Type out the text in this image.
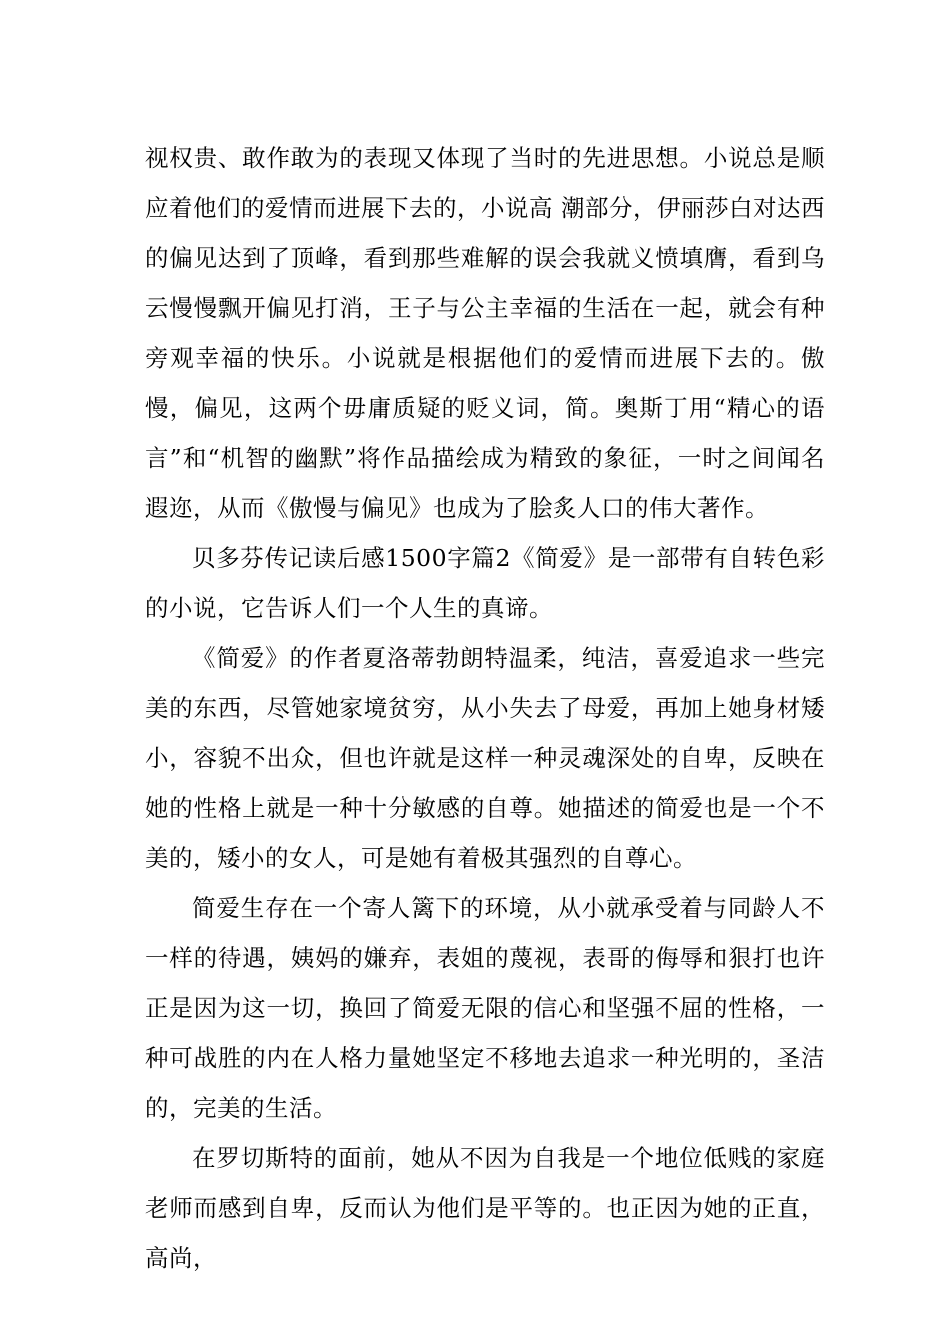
视权贵、敢作敢为的表现又体现了当时的先进思想。小说总是顺应着他们的爱情而进展下去的，小说高 潮部分，伊丽莎白对达西的偏见达到了顶峰，看到那些难解的误会我就义愤填膺，看到乌云慢慢飘开偏见打消，王子与公主幸福的生活在一起，就会有种旁观幸福的快乐。小说就是根据他们的爱情而进展下去的。傲慢，偏见，这两个毋庸质疑的贬义词，简。奥斯丁用“精心的语言”和“机智的幽默”将作品描绘成为精致的象征，一时之间闻名遐迩，从而《傲慢与偏见》也成为了脍炙人口的伟大著作。

贝多芬传记读后感1500字篇2《简爱》是一部带有自转色彩的小说，它告诉人们一个人生的真谛。

《简爱》的作者夏洛蒂勃朗特温柔，纯洁，喜爱追求一些完美的东西，尽管她家境贫穷，从小失去了母爱，再加上她身材矮小，容貌不出众，但也许就是这样一种灵魂深处的自卑，反映在她的性格上就是一种十分敏感的自尊。她描述的简爱也是一个不美的，矮小的女人，可是她有着极其强烈的自尊心。

简爱生存在一个寄人篱下的环境，从小就承受着与同龄人不一样的待遇，姨妈的嫌弃，表姐的蔑视，表哥的侮辱和狠打也许正是因为这一切，换回了简爱无限的信心和坚强不屈的性格，一种可战胜的内在人格力量她坚定不移地去追求一种光明的，圣洁的，完美的生活。

在罗切斯特的面前，她从不因为自我是一个地位低贱的家庭老师而感到自卑，反而认为他们是平等的。也正因为她的正直，高尚，
